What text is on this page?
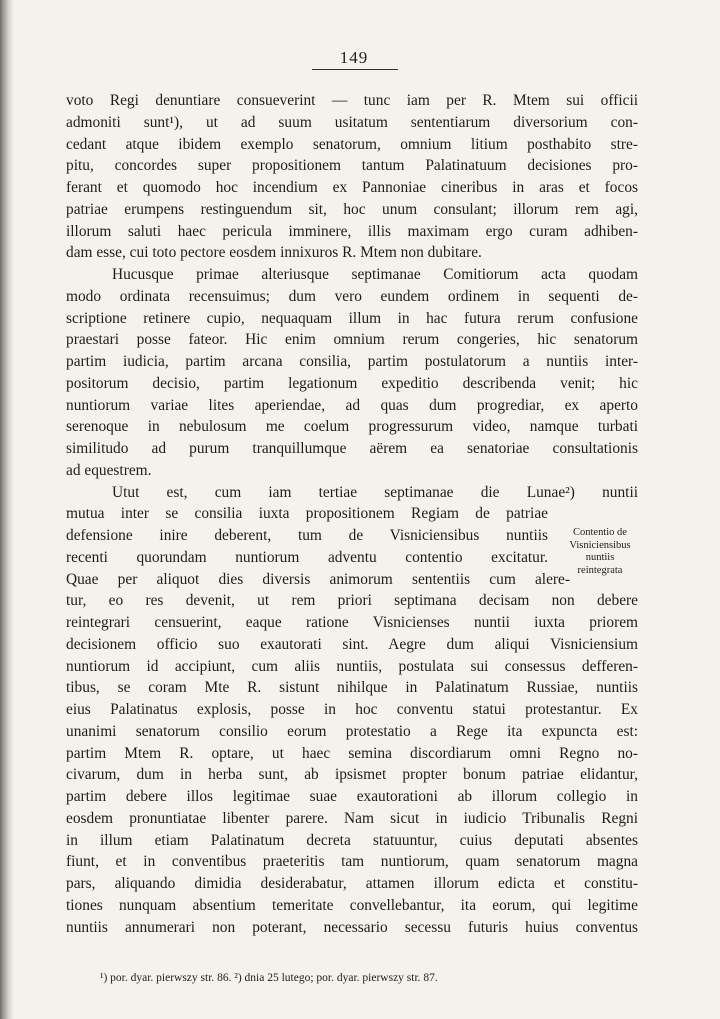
149
voto Regi denuntiare consueverint — tunc iam per R. Mtem sui officii
admoniti sunt¹), ut ad suum usitatum sententiarum diversorium con-
cedant atque ibidem exemplo senatorum, omnium litium posthabito stre-
pitu, concordes super propositionem tantum Palatinatuum decisiones pro-
ferant et quomodo hoc incendium ex Pannoniae cineribus in aras et focos
patriae erumpens restinguendum sit, hoc unum consulant; illorum rem agi,
illorum saluti haec pericula imminere, illis maximam ergo curam adhiben-
dam esse, cui toto pectore eosdem innixuros R. Mtem non dubitare.
Hucusque primae alteriusque septimanae Comitiorum acta quodam
modo ordinata recensuimus; dum vero eundem ordinem in sequenti de-
scriptione retinere cupio, nequaquam illum in hac futura rerum confusione
praestari posse fateor. Hic enim omnium rerum congeries, hic senatorum
partim iudicia, partim arcana consilia, partim postulatorum a nuntiis inter-
positorum decisio, partim legationum expeditio describenda venit; hic
nuntiorum variae lites aperiendae, ad quas dum progrediar, ex aperto
serenoque in nebulosum me coelum progressurum video, namque turbati
similitudo ad purum tranquillumque aërem ea senatoriae consultationis
ad equestrem.
Utut est, cum iam tertiae septimanae die Lunae²) nuntii
mutua inter se consilia iuxta propositionem Regiam de patriae
defensione inire deberent, tum de Visniciensibus nuntiis
recenti quorundam nuntiorum adventu contentio excitatur.
Quae per aliquot dies diversis animorum sententiis cum alere-
tur, eo res devenit, ut rem priori septimana decisam non debere
reintegrari censuerint, eaque ratione Visnicienses nuntii iuxta priorem
decisionem officio suo exautorati sint. Aegre dum aliqui Visniciensium
nuntiorum id accipiunt, cum aliis nuntiis, postulata sui consessus defferen-
tibus, se coram Mte R. sistunt nihilque in Palatinatum Russiae, nuntiis
eius Palatinatus explosis, posse in hoc conventu statui protestantur. Ex
unanimi senatorum consilio eorum protestatio a Rege ita expuncta est:
partim Mtem R. optare, ut haec semina discordiarum omni Regno no-
civarum, dum in herba sunt, ab ipsismet propter bonum patriae elidantur,
partim debere illos legitimae suae exautorationi ab illorum collegio in
eosdem pronuntiatae libenter parere. Nam sicut in iudicio Tribunalis Regni
in illum etiam Palatinatum decreta statuuntur, cuius deputati absentes
fiunt, et in conventibus praeteritis tam nuntiorum, quam senatorum magna
pars, aliquando dimidia desiderabatur, attamen illorum edicta et constitu-
tiones nunquam absentium temeritate convellebantur, ita eorum, qui legitime
nuntiis annumerari non poterant, necessario secessu futuris huius conventus
Contentio de
Visniciensibus
nuntiis
reintegrata
¹) por. dyar. pierwszy str. 86. ²) dnia 25 lutego; por. dyar. pierwszy str. 87.
